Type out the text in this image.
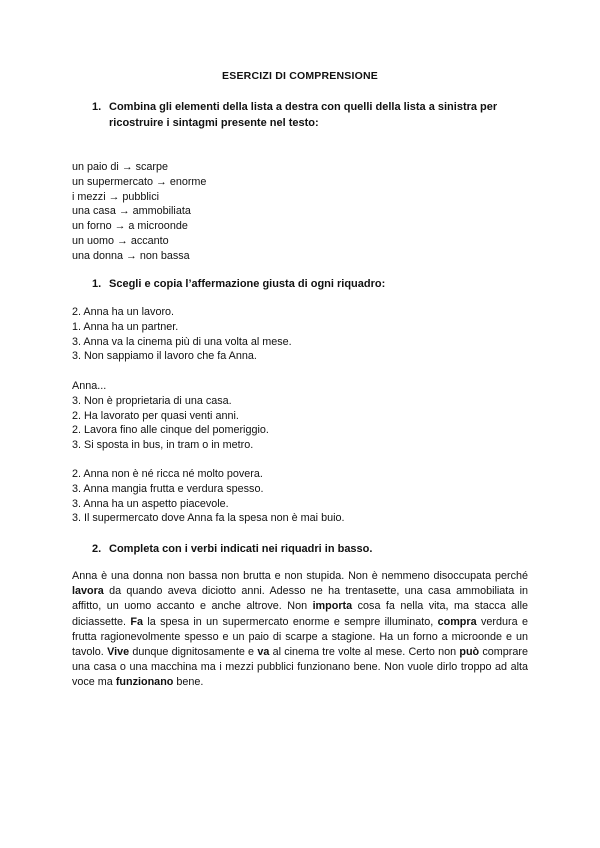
ESERCIZI DI COMPRENSIONE
1. Combina gli elementi della lista a destra con quelli della lista a sinistra per ricostruire i sintagmi presente nel testo:
un paio di → scarpe
un supermercato → enorme
i mezzi → pubblici
una casa → ammobiliata
un forno → a microonde
un uomo → accanto
una donna → non bassa
1. Scegli e copia l’affermazione giusta di ogni riquadro:
2. Anna ha un lavoro.
1. Anna ha un partner.
3. Anna va la cinema più di una volta al mese.
3. Non sappiamo il lavoro che fa Anna.
Anna...
3. Non è proprietaria di una casa.
2. Ha lavorato per quasi venti anni.
2. Lavora fino alle cinque del pomeriggio.
3. Si sposta in bus, in tram o in metro.
2. Anna non è né ricca né molto povera.
3. Anna mangia frutta e verdura spesso.
3. Anna ha un aspetto piacevole.
3. Il supermercato dove Anna fa la spesa non è mai buio.
2. Completa con i verbi indicati nei riquadri in basso.
Anna è una donna non bassa non brutta e non stupida. Non è nemmeno disoccupata perché lavora da quando aveva diciotto anni. Adesso ne ha trentasette, una casa ammobiliata in affitto, un uomo accanto e anche altrove. Non importa cosa fa nella vita, ma stacca alle diciassette. Fa la spesa in un supermercato enorme e sempre illuminato, compra verdura e frutta ragionevolmente spesso e un paio di scarpe a stagione. Ha un forno a microonde e un tavolo. Vive dunque dignitosamente e va al cinema tre volte al mese. Certo non può comprare una casa o una macchina ma i mezzi pubblici funzionano bene. Non vuole dirlo troppo ad alta voce ma funzionano bene.
